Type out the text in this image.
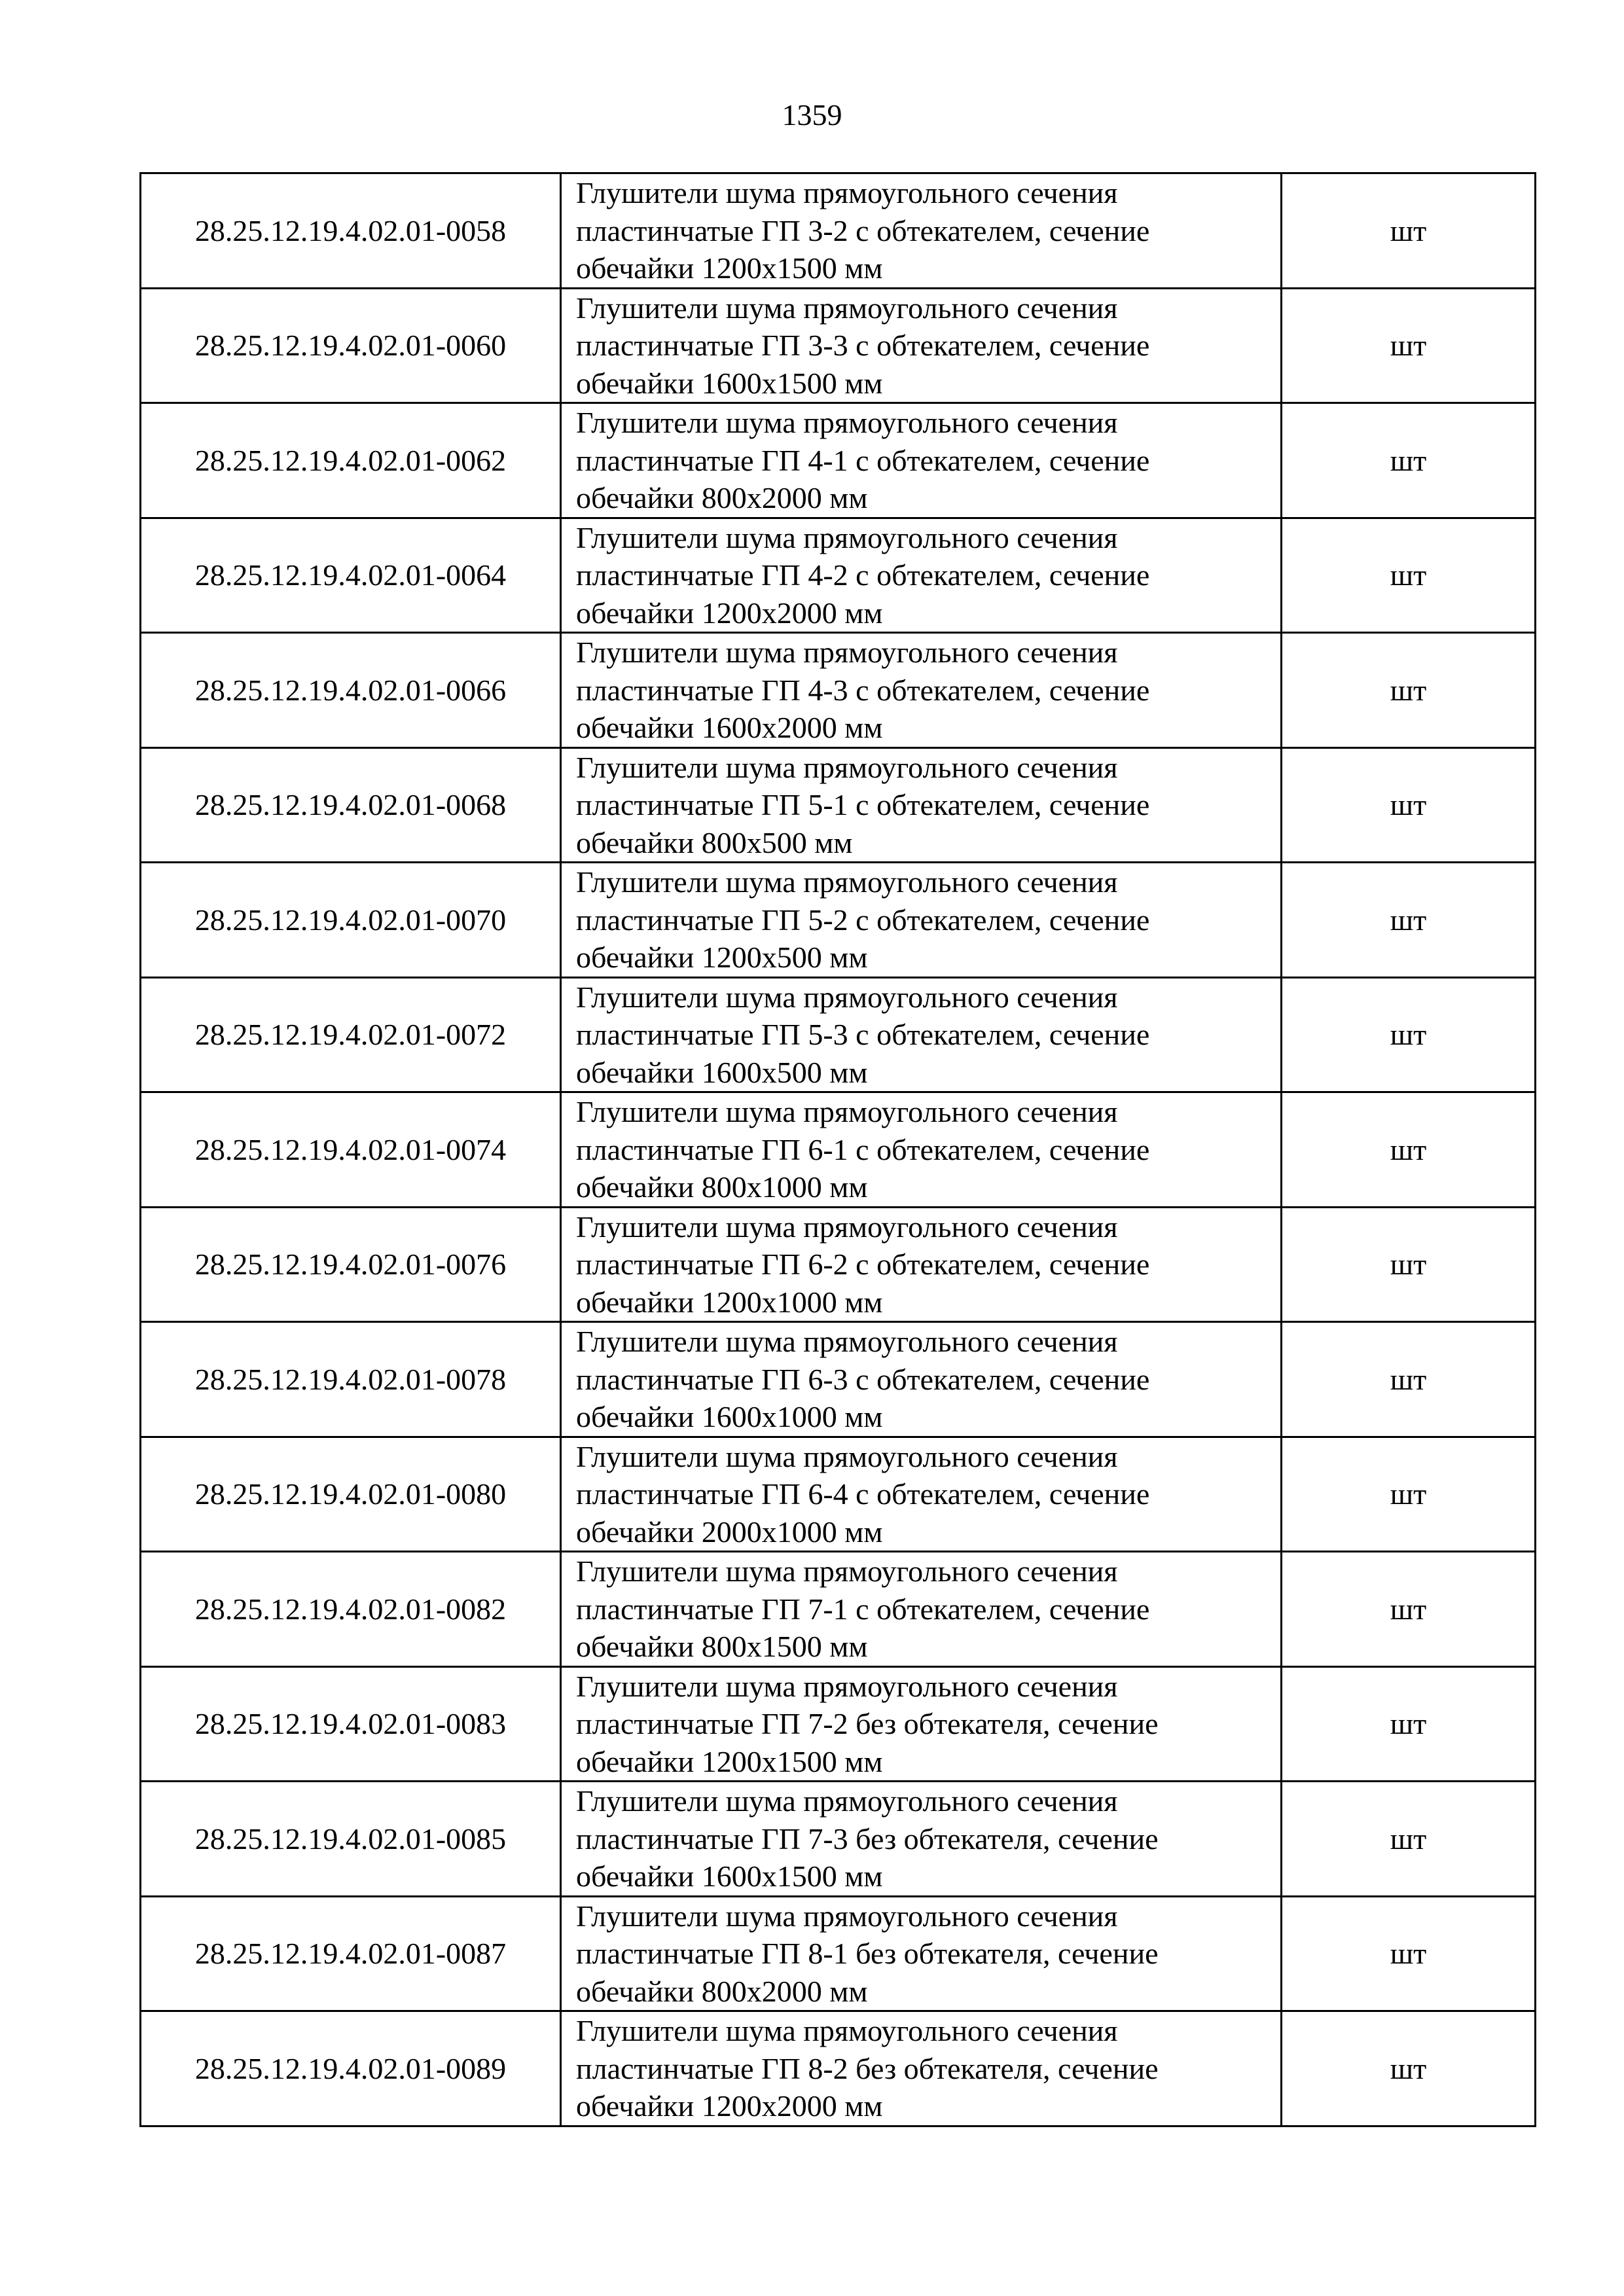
1359
28.25.12.19.4.02.01-0058	Глушители шума прямоугольного сечения
пластинчатые ГП 3-2 с обтекателем, сечение
обечайки 1200х1500 мм	шт
28.25.12.19.4.02.01-0060	Глушители шума прямоугольного сечения
пластинчатые ГП 3-3 с обтекателем, сечение
обечайки 1600х1500 мм	шт
28.25.12.19.4.02.01-0062	Глушители шума прямоугольного сечения
пластинчатые ГП 4-1 с обтекателем, сечение
обечайки 800х2000 мм	шт
28.25.12.19.4.02.01-0064	Глушители шума прямоугольного сечения
пластинчатые ГП 4-2 с обтекателем, сечение
обечайки 1200х2000 мм	шт
28.25.12.19.4.02.01-0066	Глушители шума прямоугольного сечения
пластинчатые ГП 4-3 с обтекателем, сечение
обечайки 1600х2000 мм	шт
28.25.12.19.4.02.01-0068	Глушители шума прямоугольного сечения
пластинчатые ГП 5-1 с обтекателем, сечение
обечайки 800х500 мм	шт
28.25.12.19.4.02.01-0070	Глушители шума прямоугольного сечения
пластинчатые ГП 5-2 с обтекателем, сечение
обечайки 1200х500 мм	шт
28.25.12.19.4.02.01-0072	Глушители шума прямоугольного сечения
пластинчатые ГП 5-3 с обтекателем, сечение
обечайки 1600х500 мм	шт
28.25.12.19.4.02.01-0074	Глушители шума прямоугольного сечения
пластинчатые ГП 6-1 с обтекателем, сечение
обечайки 800х1000 мм	шт
28.25.12.19.4.02.01-0076	Глушители шума прямоугольного сечения
пластинчатые ГП 6-2 с обтекателем, сечение
обечайки 1200х1000 мм	шт
28.25.12.19.4.02.01-0078	Глушители шума прямоугольного сечения
пластинчатые ГП 6-3 с обтекателем, сечение
обечайки 1600х1000 мм	шт
28.25.12.19.4.02.01-0080	Глушители шума прямоугольного сечения
пластинчатые ГП 6-4 с обтекателем, сечение
обечайки 2000х1000 мм	шт
28.25.12.19.4.02.01-0082	Глушители шума прямоугольного сечения
пластинчатые ГП 7-1 с обтекателем, сечение
обечайки 800х1500 мм	шт
28.25.12.19.4.02.01-0083	Глушители шума прямоугольного сечения
пластинчатые ГП 7-2 без обтекателя, сечение
обечайки 1200х1500 мм	шт
28.25.12.19.4.02.01-0085	Глушители шума прямоугольного сечения
пластинчатые ГП 7-3 без обтекателя, сечение
обечайки 1600х1500 мм	шт
28.25.12.19.4.02.01-0087	Глушители шума прямоугольного сечения
пластинчатые ГП 8-1 без обтекателя, сечение
обечайки 800х2000 мм	шт
28.25.12.19.4.02.01-0089	Глушители шума прямоугольного сечения
пластинчатые ГП 8-2 без обтекателя, сечение
обечайки 1200х2000 мм	шт
